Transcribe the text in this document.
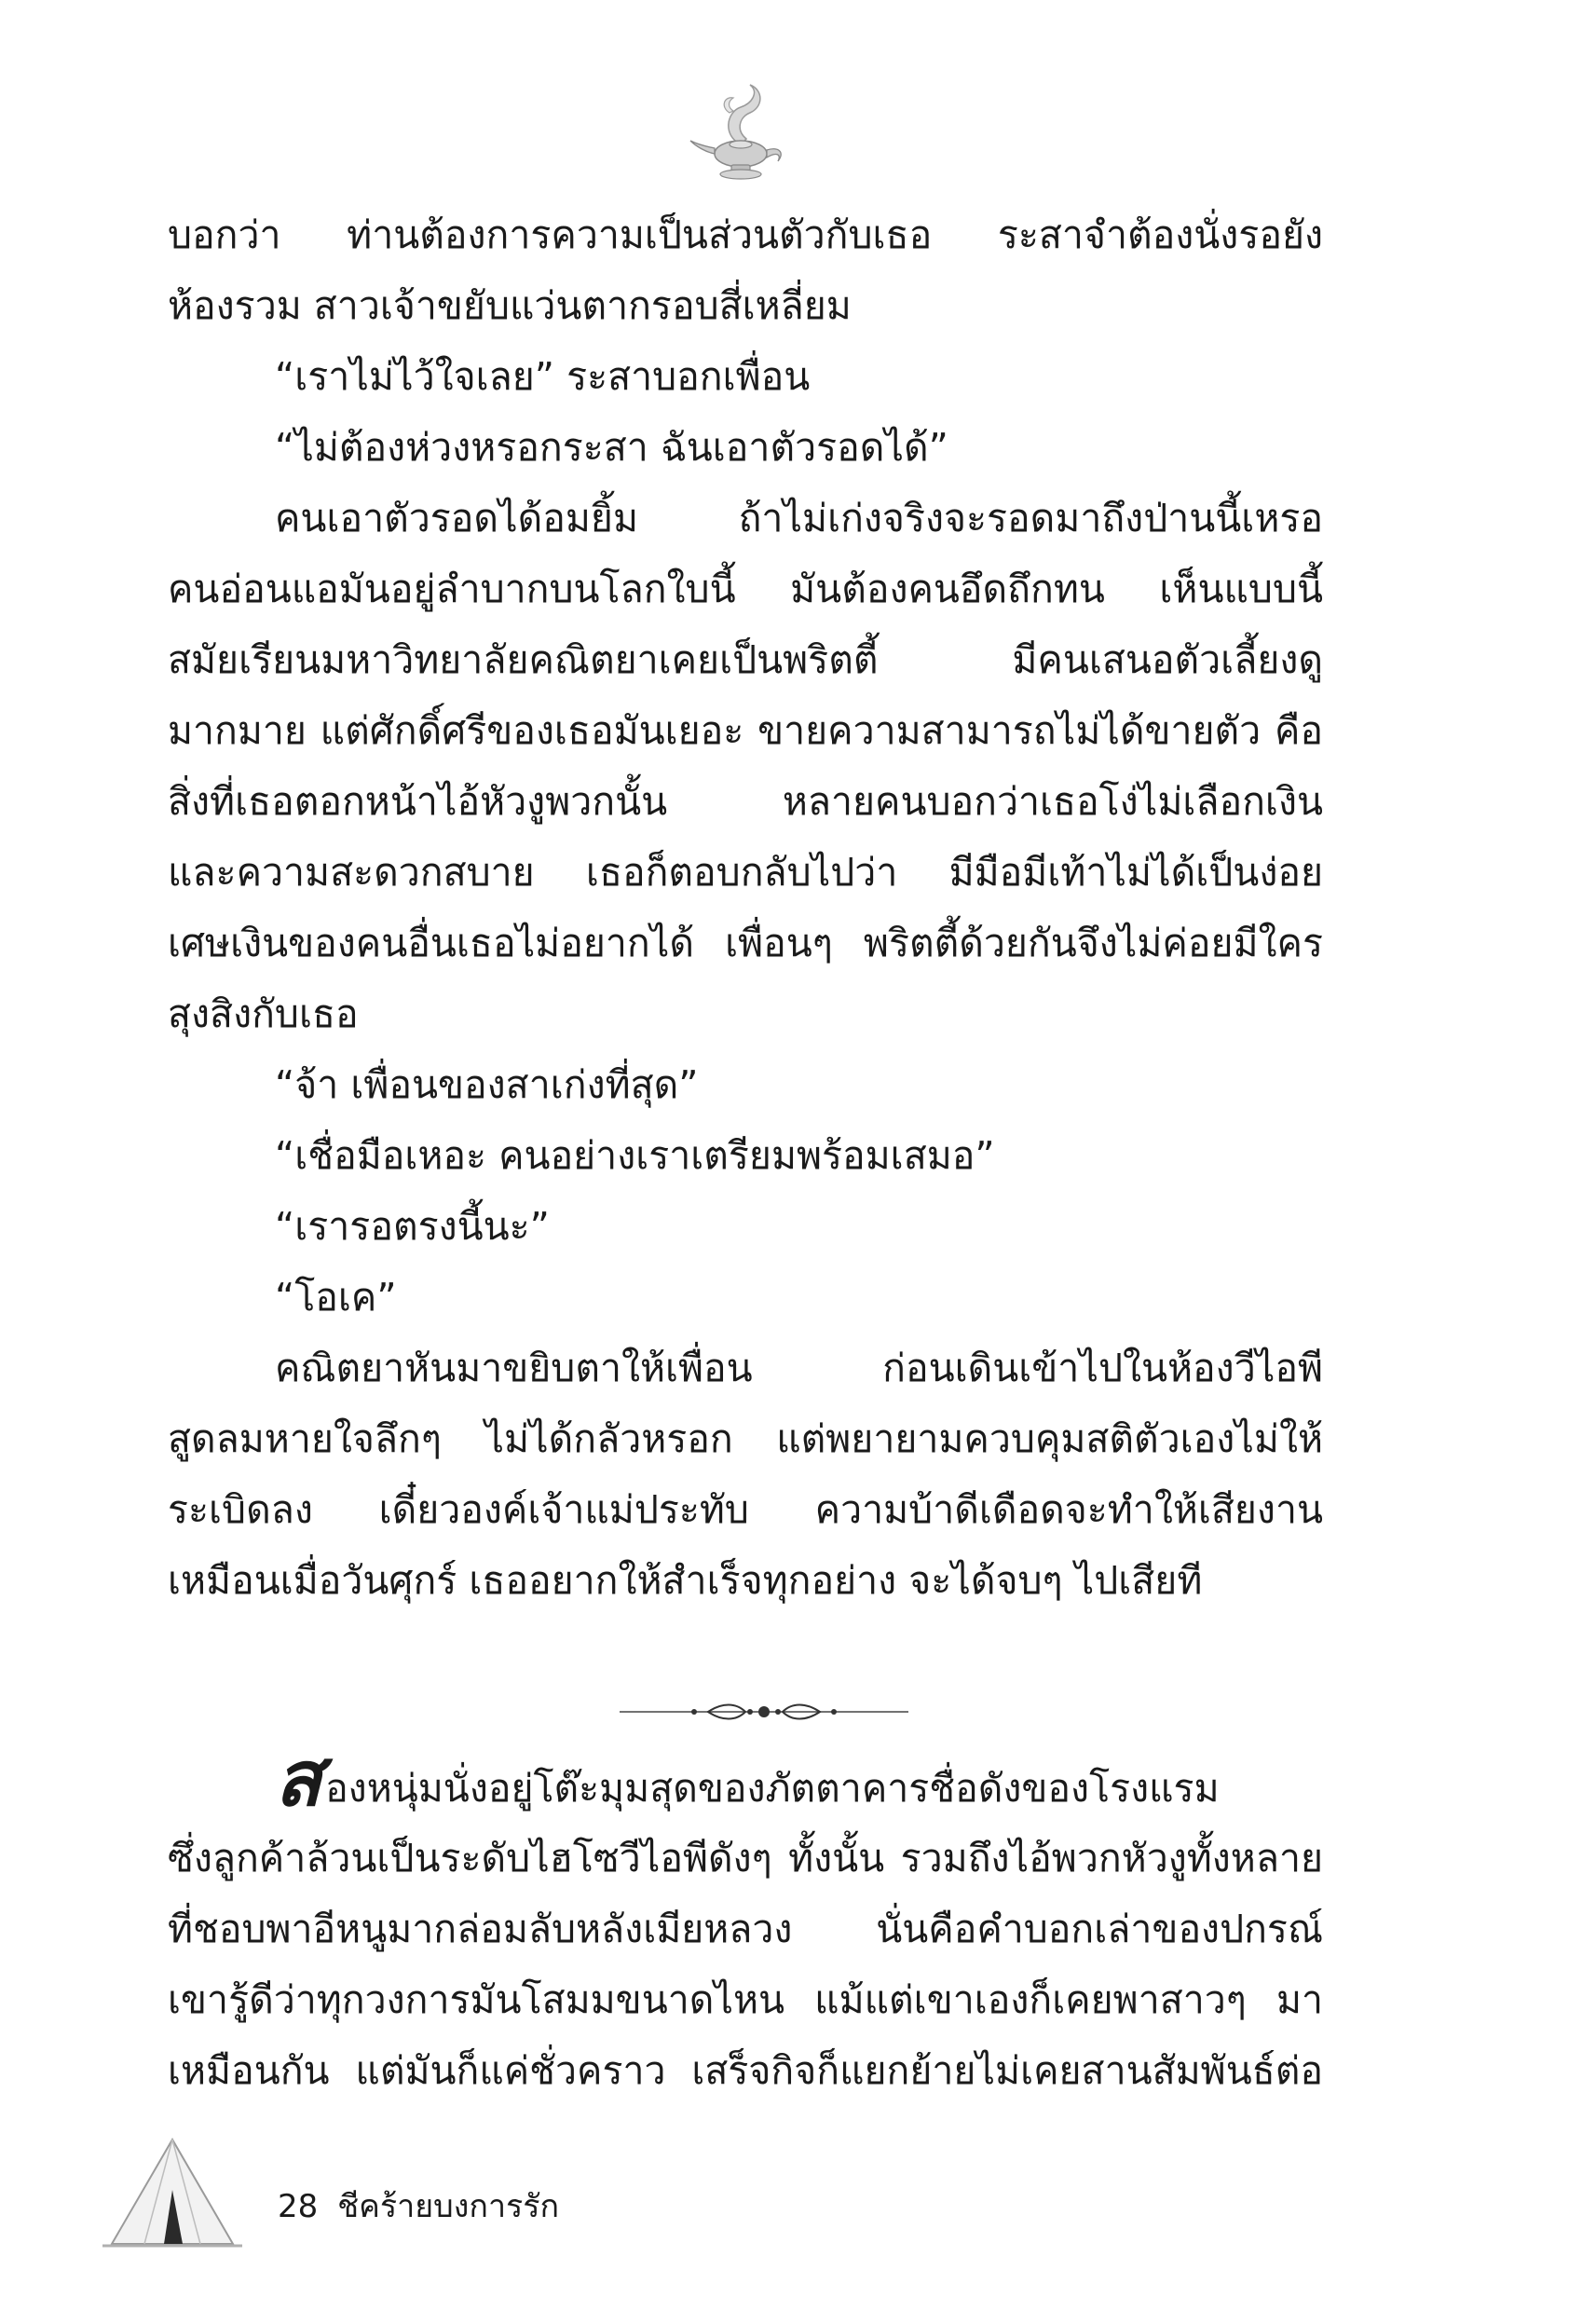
บอกว่า ท่านต้องการความเป็นส่วนตัวกับเธอ ระสาจำต้องนั่งรอยัง
ห้องรวม สาวเจ้าขยับแว่นตากรอบสี่เหลี่ยม
“เราไม่ไว้ใจเลย” ระสาบอกเพื่อน
“ไม่ต้องห่วงหรอกระสา ฉันเอาตัวรอดได้”
คนเอาตัวรอดได้อมยิ้ม ถ้าไม่เก่งจริงจะรอดมาถึงป่านนี้เหรอ
คนอ่อนแอมันอยู่ลำบากบนโลกใบนี้ มันต้องคนอึดถึกทน เห็นแบบนี้
สมัยเรียนมหาวิทยาลัยคณิตยาเคยเป็นพริตตี้ มีคนเสนอตัวเลี้ยงดู
มากมาย แต่ศักดิ์ศรีของเธอมันเยอะ ขายความสามารถไม่ได้ขายตัว คือ
สิ่งที่เธอตอกหน้าไอ้หัวงูพวกนั้น หลายคนบอกว่าเธอโง่ไม่เลือกเงิน
และความสะดวกสบาย เธอก็ตอบกลับไปว่า มีมือมีเท้าไม่ได้เป็นง่อย
เศษเงินของคนอื่นเธอไม่อยากได้ เพื่อนๆ พริตตี้ด้วยกันจึงไม่ค่อยมีใคร
สุงสิงกับเธอ
“จ้า เพื่อนของสาเก่งที่สุด”
“เชื่อมือเหอะ คนอย่างเราเตรียมพร้อมเสมอ”
“เรารอตรงนี้นะ”
“โอเค”
คณิตยาหันมาขยิบตาให้เพื่อน ก่อนเดินเข้าไปในห้องวีไอพี
สูดลมหายใจลึกๆ ไม่ได้กลัวหรอก แต่พยายามควบคุมสติตัวเองไม่ให้
ระเบิดลง เดี๋ยวองค์เจ้าแม่ประทับ ความบ้าดีเดือดจะทำให้เสียงาน
เหมือนเมื่อวันศุกร์ เธออยากให้สำเร็จทุกอย่าง จะได้จบๆ ไปเสียที
สองหนุ่มนั่งอยู่โต๊ะมุมสุดของภัตตาคารชื่อดังของโรงแรม
ซึ่งลูกค้าล้วนเป็นระดับไฮโซวีไอพีดังๆ ทั้งนั้น รวมถึงไอ้พวกหัวงูทั้งหลาย
ที่ชอบพาอีหนูมากล่อมลับหลังเมียหลวง นั่นคือคำบอกเล่าของปกรณ์
เขารู้ดีว่าทุกวงการมันโสมมขนาดไหน แม้แต่เขาเองก็เคยพาสาวๆ มา
เหมือนกัน แต่มันก็แค่ชั่วคราว เสร็จกิจก็แยกย้ายไม่เคยสานสัมพันธ์ต่อ
28 ชีคร้ายบงการรัก
